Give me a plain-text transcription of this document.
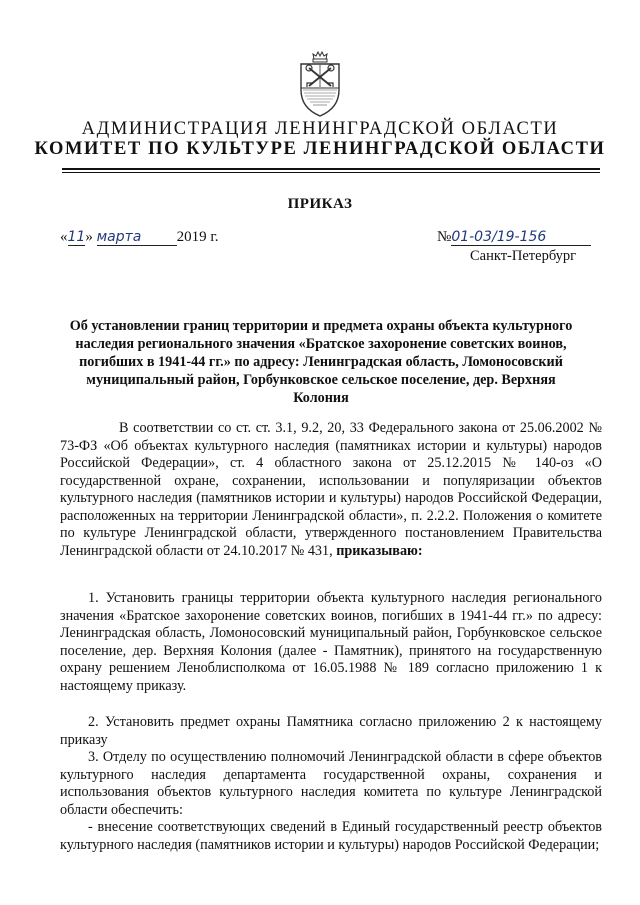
АДМИНИСТРАЦИЯ ЛЕНИНГРАДСКОЙ ОБЛАСТИ
КОМИТЕТ ПО КУЛЬТУРЕ ЛЕНИНГРАДСКОЙ ОБЛАСТИ
ПРИКАЗ
«11» марта 2019 г.	№01-03/19-156
Санкт-Петербург
Об установлении границ территории и предмета охраны объекта культурного наследия регионального значения «Братское захоронение советских воинов, погибших в 1941-44 гг.» по адресу: Ленинградская область, Ломоносовский муниципальный район, Горбунковское сельское поселение, дер. Верхняя Колония
В соответствии со ст. ст. 3.1, 9.2, 20, 33 Федерального закона от 25.06.2002 № 73-ФЗ «Об объектах культурного наследия (памятниках истории и культуры) народов Российской Федерации», ст. 4 областного закона от 25.12.2015 № 140-оз «О государственной охране, сохранении, использовании и популяризации объектов культурного наследия (памятников истории и культуры) народов Российской Федерации, расположенных на территории Ленинградской области», п. 2.2.2. Положения о комитете по культуре Ленинградской области, утвержденного постановлением Правительства Ленинградской области от 24.10.2017 № 431, приказываю:
1. Установить границы территории объекта культурного наследия регионального значения «Братское захоронение советских воинов, погибших в 1941-44 гг.» по адресу: Ленинградская область, Ломоносовский муниципальный район, Горбунковское сельское поселение, дер. Верхняя Колония (далее - Памятник), принятого на государственную охрану решением Леноблисполкома от 16.05.1988 № 189 согласно приложению 1 к настоящему приказу.
2. Установить предмет охраны Памятника согласно приложению 2 к настоящему приказу
3. Отделу по осуществлению полномочий Ленинградской области в сфере объектов культурного наследия департамента государственной охраны, сохранения и использования объектов культурного наследия комитета по культуре Ленинградской области обеспечить:
- внесение соответствующих сведений в Единый государственный реестр объектов культурного наследия (памятников истории и культуры) народов Российской Федерации;
